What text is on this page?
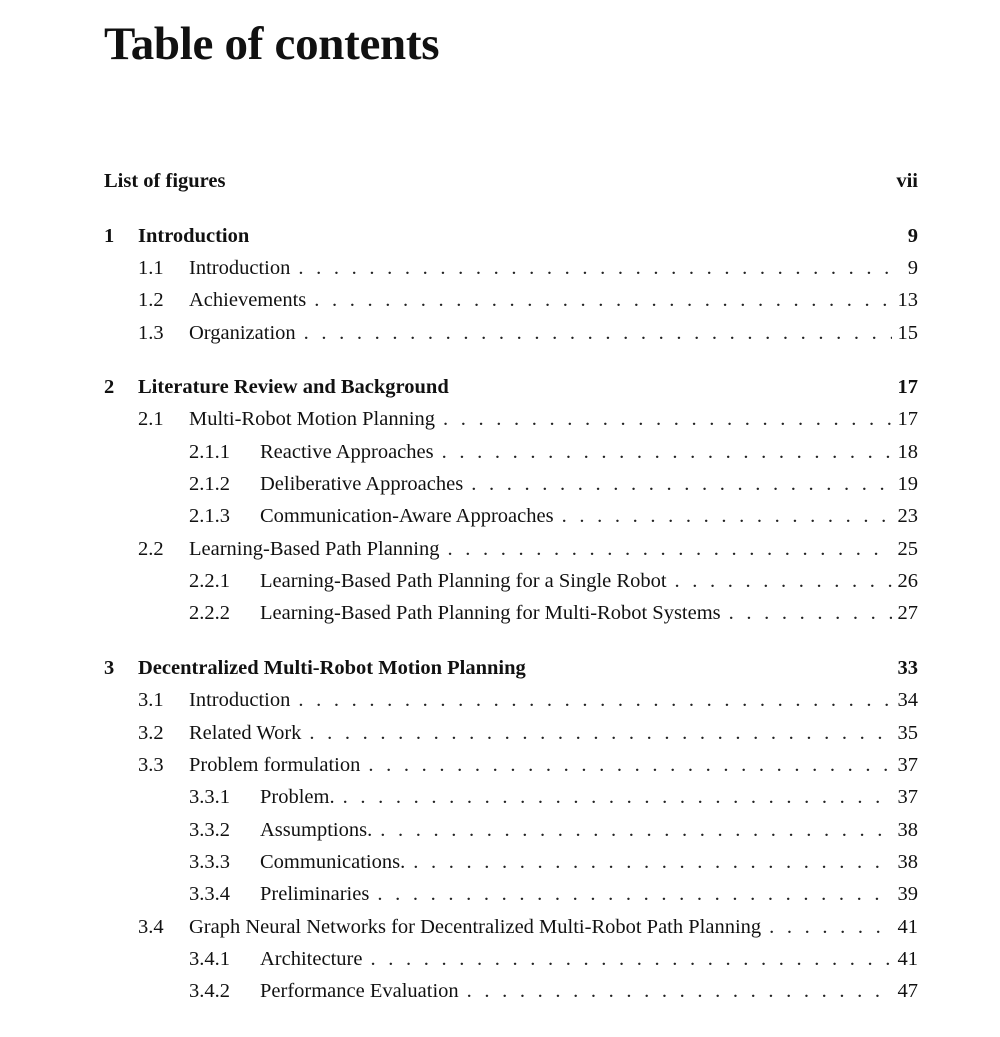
Table of contents
List of figures	vii
1	Introduction	9
1.1	Introduction . . .	9
1.2	Achievements . . .	13
1.3	Organization . . .	15
2	Literature Review and Background	17
2.1	Multi-Robot Motion Planning . . .	17
2.1.1	Reactive Approaches . . .	18
2.1.2	Deliberative Approaches . . .	19
2.1.3	Communication-Aware Approaches . . .	23
2.2	Learning-Based Path Planning . . .	25
2.2.1	Learning-Based Path Planning for a Single Robot . . .	26
2.2.2	Learning-Based Path Planning for Multi-Robot Systems . . .	27
3	Decentralized Multi-Robot Motion Planning	33
3.1	Introduction . . .	34
3.2	Related Work . . .	35
3.3	Problem formulation . . .	37
3.3.1	Problem. . . .	37
3.3.2	Assumptions. . . .	38
3.3.3	Communications. . . .	38
3.3.4	Preliminaries . . .	39
3.4	Graph Neural Networks for Decentralized Multi-Robot Path Planning . . .	41
3.4.1	Architecture . . .	41
3.4.2	Performance Evaluation . . .	47
